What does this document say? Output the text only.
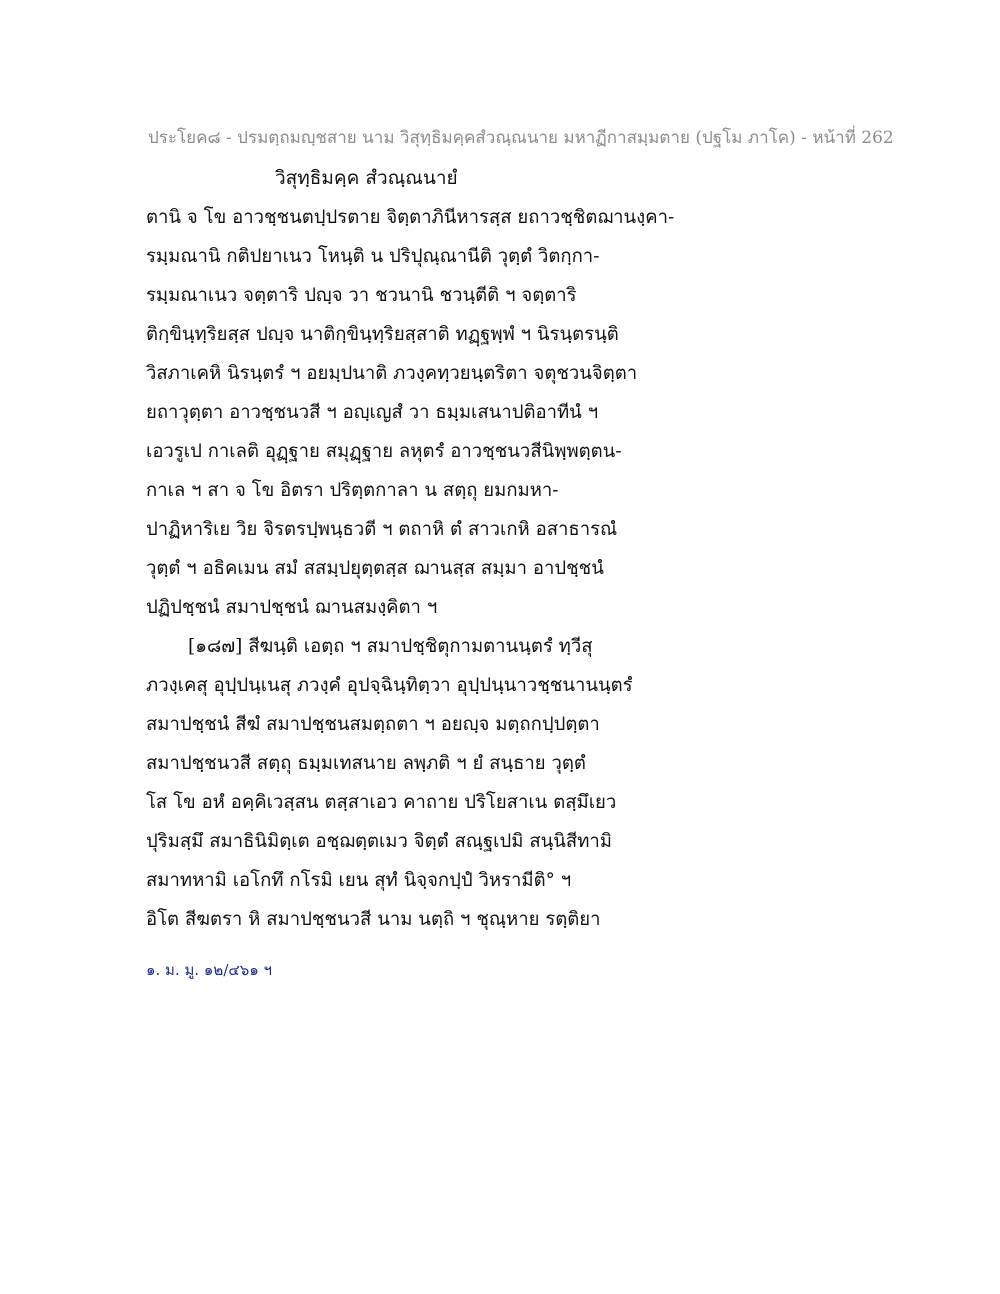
ประโยค๘ - ปรมตฺถมญฺชสาย นาม วิสุทฺธิมคฺคสํวณฺณนาย มหาฏีกาสมฺมตาย (ปฐโม ภาโค) - หน้าที่ 262
วิสุทฺธิมคฺค สํวณฺณนายํ
ตานิ จ โข อาวชฺชนตปฺปรตาย จิตฺตาภินีหารสฺส ยถาวชฺชิตฌานงฺคา-
รมฺมณานิ กติปยาเนว โหนฺติ น ปริปุณฺณานีติ วุตฺตํ วิตกฺกา-
รมฺมณาเนว จตฺตาริ ปญฺจ วา ชวนานิ ชวนฺตีติ ฯ จตฺตาริ
ติกฺขินฺทฺริยสฺส ปญฺจ นาติกฺขินฺทฺริยสฺสาติ ทฏฺฐพฺพํ ฯ นิรนฺตรนฺติ
วิสภาเคหิ นิรนฺตรํ ฯ อยมฺปนาติ ภวงฺคทฺวยนฺตริตา จตุชวนจิตฺตา
ยถาวุตฺตา อาวชฺชนวสี ฯ อญฺเญสํ วา ธมฺมเสนาปติอาทีนํ ฯ
เอวรูเป กาเลติ อุฏฺฐาย สมุฏฺฐาย ลหุตรํ อาวชฺชนวสีนิพฺพตฺตน-
กาเล ฯ สา จ โข อิตรา ปริตฺตกาลา น สตฺถุ ยมกมหา-
ปาฏิหาริเย วิย จิรตรปฺพนฺธวตี ฯ ตถาหิ ตํ สาวเกหิ อสาธารณํ
วุตฺตํ ฯ อธิคเมน สมํ สสมฺปยุตฺตสฺส ฌานสฺส สมฺมา อาปชฺชนํ
ปฏิปชฺชนํ สมาปชฺชนํ ฌานสมงฺคิตา ฯ
[๑๘๗] สีฆนฺติ เอตฺถ ฯ สมาปชฺชิตุกามตานนฺตรํ ทฺวีสุ
ภวงฺเคสุ อุปฺปนฺเนสุ ภวงฺคํ อุปจฺฉินฺทิตฺวา อุปฺปนฺนาวชฺชนานนฺตรํ
สมาปชฺชนํ สีฆํ สมาปชฺชนสมตฺถตา ฯ อยญฺจ มตฺถกปฺปตฺตา
สมาปชฺชนวสี สตฺถุ ธมฺมเทสนาย ลพฺภติ ฯ ยํ สนฺธาย วุตฺตํ
โส โข อหํ อคฺคิเวสฺสน ตสฺสาเอว คาถาย ปริโยสาเน ตสฺมึเยว
ปุริมสฺมึ สมาธินิมิตฺเต อชฺฌตฺตเมว จิตฺตํ สณฺฐเปมิ สนฺนิสีทามิ
สมาทหามิ เอโกทึ กโรมิ เยน สุทํ นิจฺจกปฺปํ วิหรามีติ° ฯ
อิโต สีฆตรา หิ สมาปชฺชนวสี นาม นตฺถิ ฯ ชุณฺหาย รตฺติยา
๑. ม. มู. ๑๒/๔๖๑ ฯ
